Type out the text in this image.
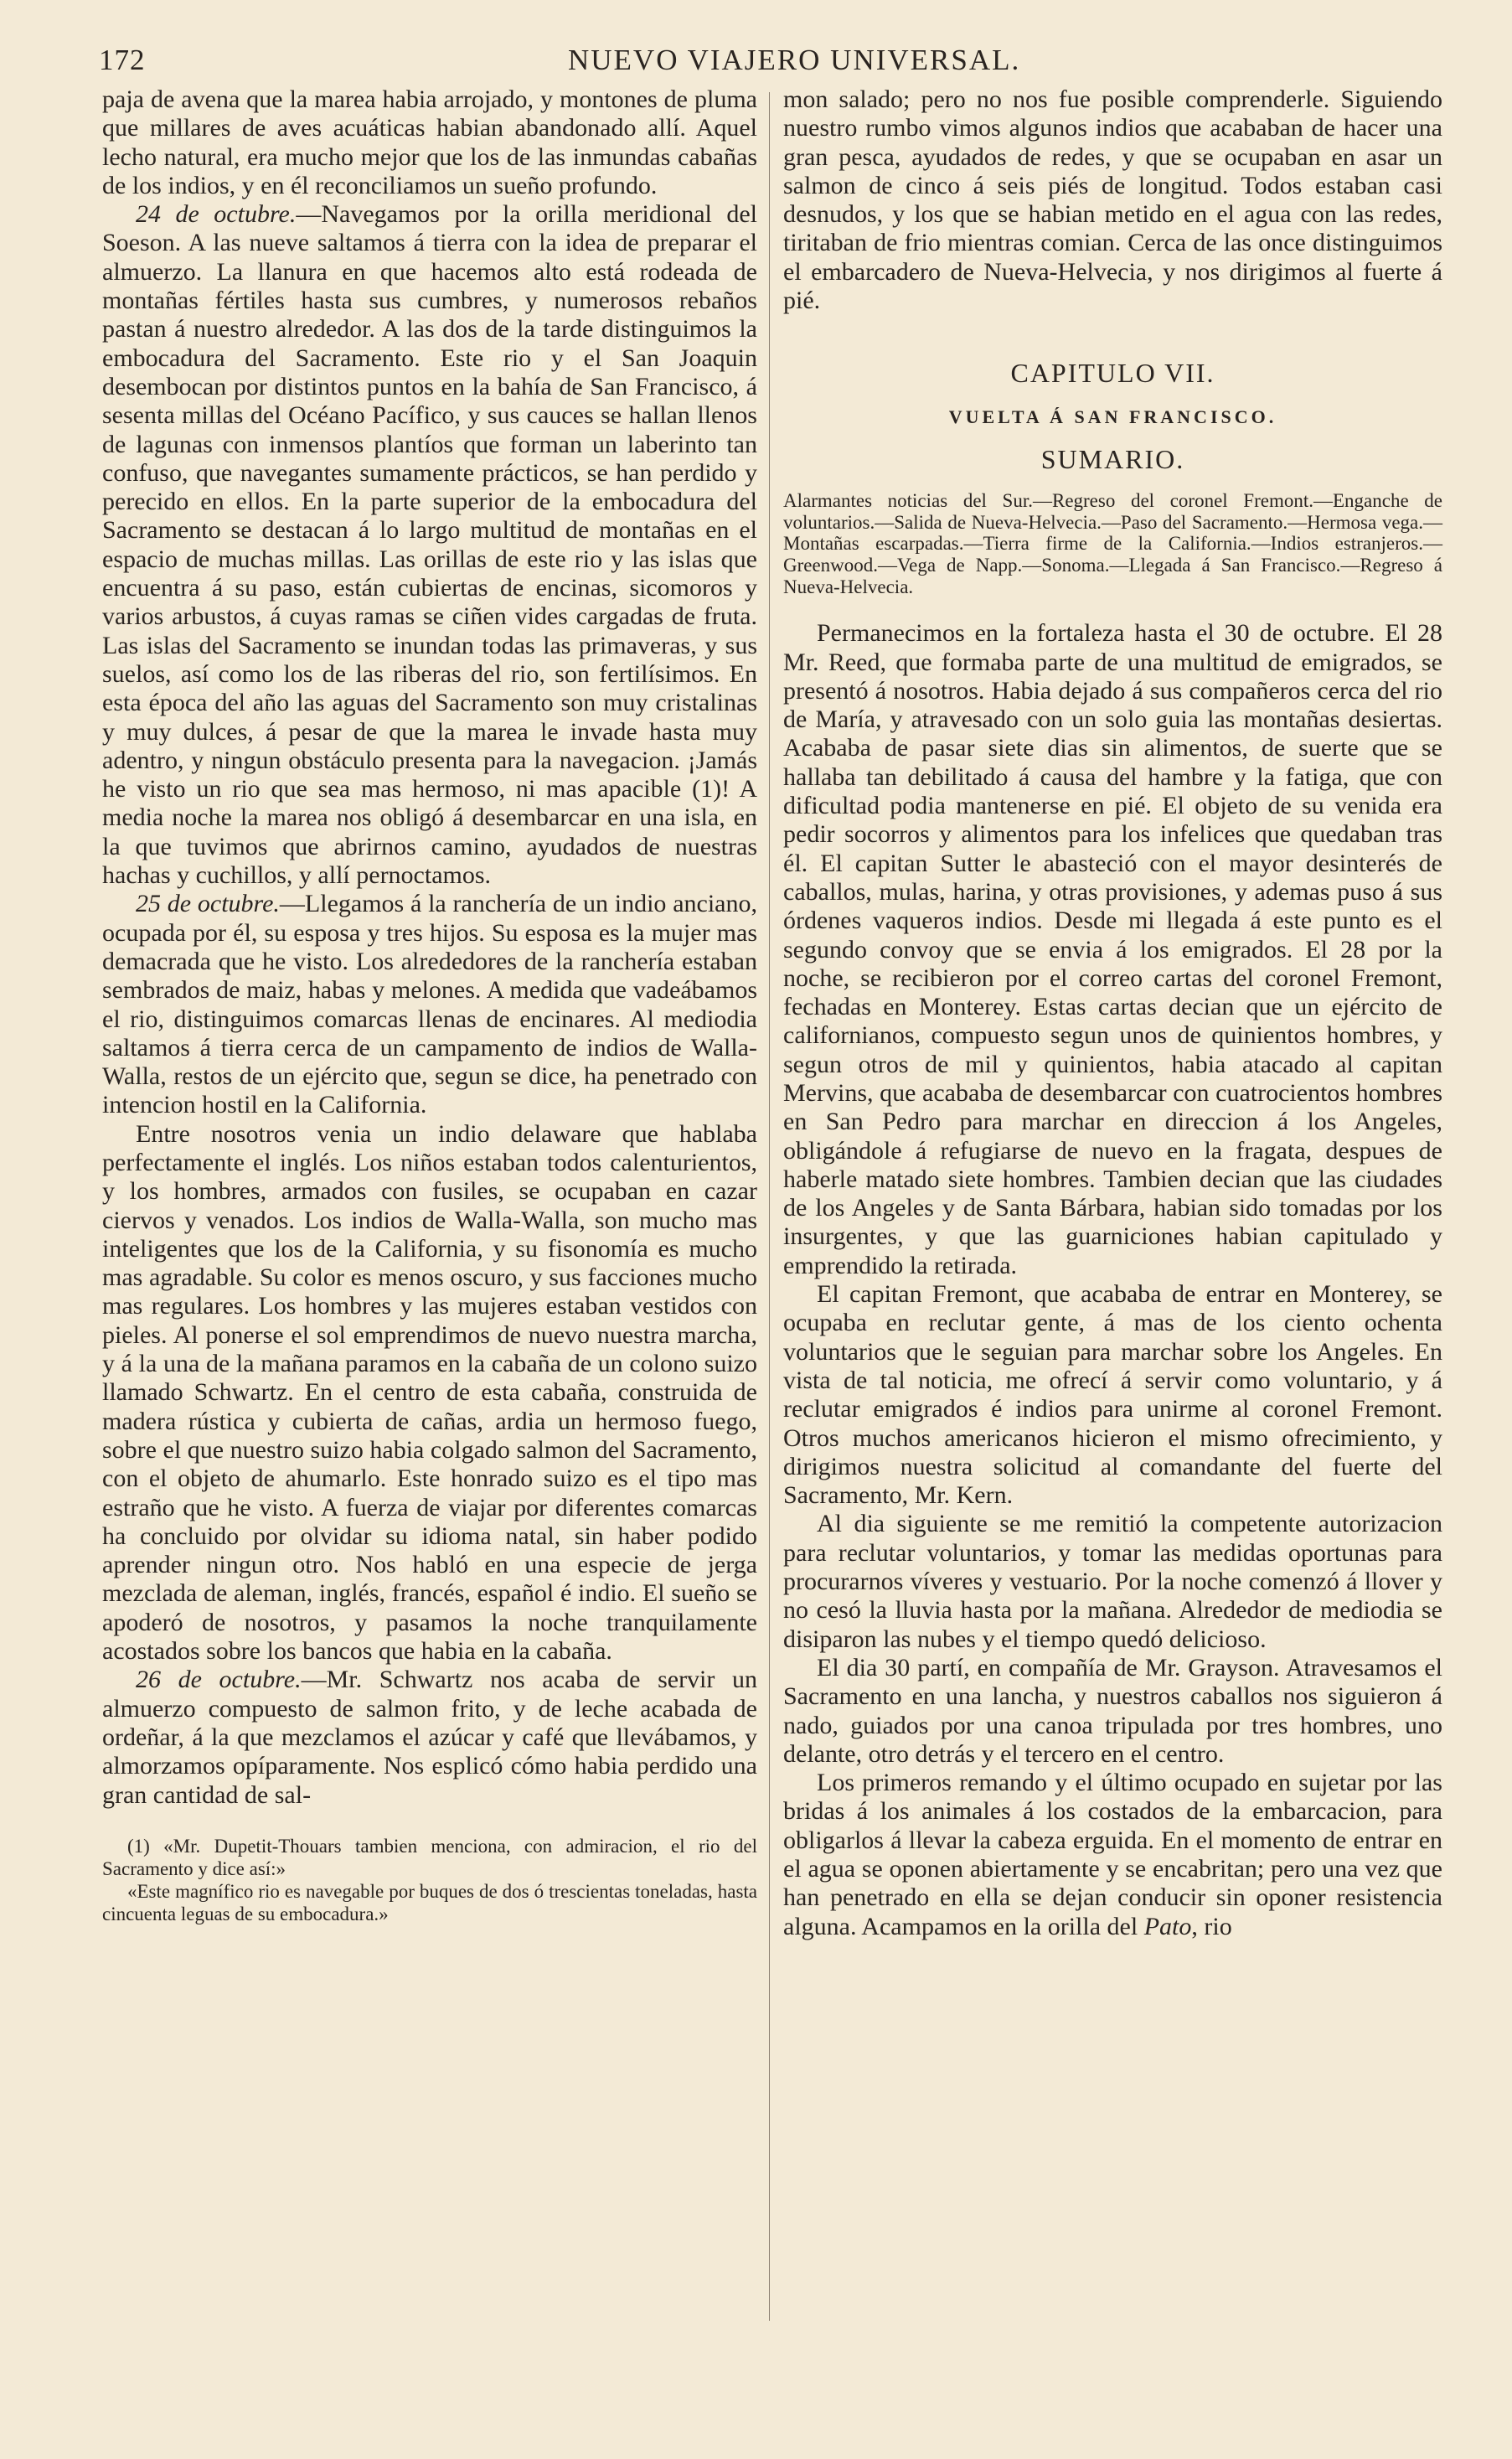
172	NUEVO VIAJERO UNIVERSAL.

paja de avena que la marea habia arrojado, y montones de pluma que millares de aves acuáticas habian abandonado allí. Aquel lecho natural, era mucho mejor que los de las inmundas cabañas de los indios, y en él reconciliamos un sueño profundo.

24 de octubre.—Navegamos por la orilla meridional del Soeson. A las nueve saltamos á tierra con la idea de preparar el almuerzo. La llanura en que hacemos alto está rodeada de montañas fértiles hasta sus cumbres, y numerosos rebaños pastan á nuestro alrededor. A las dos de la tarde distinguimos la embocadura del Sacramento. Este rio y el San Joaquin desembocan por distintos puntos en la bahía de San Francisco, á sesenta millas del Océano Pacífico, y sus cauces se hallan llenos de lagunas con inmensos plantíos que forman un laberinto tan confuso, que navegantes sumamente prácticos, se han perdido y perecido en ellos. En la parte superior de la embocadura del Sacramento se destacan á lo largo multitud de montañas en el espacio de muchas millas. Las orillas de este rio y las islas que encuentra á su paso, están cubiertas de encinas, sicomoros y varios arbustos, á cuyas ramas se ciñen vides cargadas de fruta. Las islas del Sacramento se inundan todas las primaveras, y sus suelos, así como los de las riberas del rio, son fertilísimos. En esta época del año las aguas del Sacramento son muy cristalinas y muy dulces, á pesar de que la marea le invade hasta muy adentro, y ningun obstáculo presenta para la navegacion. ¡Jamás he visto un rio que sea mas hermoso, ni mas apacible (1)! A media noche la marea nos obligó á desembarcar en una isla, en la que tuvimos que abrirnos camino, ayudados de nuestras hachas y cuchillos, y allí pernoctamos.

25 de octubre.—Llegamos á la ranchería de un indio anciano, ocupada por él, su esposa y tres hijos. Su esposa es la mujer mas demacrada que he visto. Los alrededores de la ranchería estaban sembrados de maiz, habas y melones. A medida que vadeábamos el rio, distinguimos comarcas llenas de encinares. Al mediodia saltamos á tierra cerca de un campamento de indios de Walla-Walla, restos de un ejército que, segun se dice, ha penetrado con intencion hostil en la California.

Entre nosotros venia un indio delaware que hablaba perfectamente el inglés. Los niños estaban todos calenturientos, y los hombres, armados con fusiles, se ocupaban en cazar ciervos y venados. Los indios de Walla-Walla, son mucho mas inteligentes que los de la California, y su fisonomía es mucho mas agradable. Su color es menos oscuro, y sus facciones mucho mas regulares. Los hombres y las mujeres estaban vestidos con pieles. Al ponerse el sol emprendimos de nuevo nuestra marcha, y á la una de la mañana paramos en la cabaña de un colono suizo llamado Schwartz. En el centro de esta cabaña, construida de madera rústica y cubierta de cañas, ardia un hermoso fuego, sobre el que nuestro suizo habia colgado salmon del Sacramento, con el objeto de ahumarlo. Este honrado suizo es el tipo mas estraño que he visto. A fuerza de viajar por diferentes comarcas ha concluido por olvidar su idioma natal, sin haber podido aprender ningun otro. Nos habló en una especie de jerga mezclada de aleman, inglés, francés, español é indio. El sueño se apoderó de nosotros, y pasamos la noche tranquilamente acostados sobre los bancos que habia en la cabaña.

26 de octubre.—Mr. Schwartz nos acaba de servir un almuerzo compuesto de salmon frito, y de leche acabada de ordeñar, á la que mezclamos el azúcar y café que llevábamos, y almorzamos opíparamente. Nos esplicó cómo habia perdido una gran cantidad de sal-

(1) «Mr. Dupetit-Thouars tambien menciona, con admiracion, el rio del Sacramento y dice así:»

«Este magnífico rio es navegable por buques de dos ó trescientas toneladas, hasta cincuenta leguas de su embocadura.»

mon salado; pero no nos fue posible comprenderle. Siguiendo nuestro rumbo vimos algunos indios que acababan de hacer una gran pesca, ayudados de redes, y que se ocupaban en asar un salmon de cinco á seis piés de longitud. Todos estaban casi desnudos, y los que se habian metido en el agua con las redes, tiritaban de frio mientras comian. Cerca de las once distinguimos el embarcadero de Nueva-Helvecia, y nos dirigimos al fuerte á pié.

CAPITULO VII.

VUELTA Á SAN FRANCISCO.

SUMARIO.

Alarmantes noticias del Sur.—Regreso del coronel Fremont.—Enganche de voluntarios.—Salida de Nueva-Helvecia.—Paso del Sacramento.—Hermosa vega.—Montañas escarpadas.—Tierra firme de la California.—Indios estranjeros.—Greenwood.—Vega de Napp.—Sonoma.—Llegada á San Francisco.—Regreso á Nueva-Helvecia.

Permanecimos en la fortaleza hasta el 30 de octubre. El 28 Mr. Reed, que formaba parte de una multitud de emigrados, se presentó á nosotros. Habia dejado á sus compañeros cerca del rio de María, y atravesado con un solo guia las montañas desiertas. Acababa de pasar siete dias sin alimentos, de suerte que se hallaba tan debilitado á causa del hambre y la fatiga, que con dificultad podia mantenerse en pié. El objeto de su venida era pedir socorros y alimentos para los infelices que quedaban tras él. El capitan Sutter le abasteció con el mayor desinterés de caballos, mulas, harina, y otras provisiones, y ademas puso á sus órdenes vaqueros indios. Desde mi llegada á este punto es el segundo convoy que se envia á los emigrados. El 28 por la noche, se recibieron por el correo cartas del coronel Fremont, fechadas en Monterey. Estas cartas decian que un ejército de californianos, compuesto segun unos de quinientos hombres, y segun otros de mil y quinientos, habia atacado al capitan Mervins, que acababa de desembarcar con cuatrocientos hombres en San Pedro para marchar en direccion á los Angeles, obligándole á refugiarse de nuevo en la fragata, despues de haberle matado siete hombres. Tambien decian que las ciudades de los Angeles y de Santa Bárbara, habian sido tomadas por los insurgentes, y que las guarniciones habian capitulado y emprendido la retirada.

El capitan Fremont, que acababa de entrar en Monterey, se ocupaba en reclutar gente, á mas de los ciento ochenta voluntarios que le seguian para marchar sobre los Angeles. En vista de tal noticia, me ofrecí á servir como voluntario, y á reclutar emigrados é indios para unirme al coronel Fremont. Otros muchos americanos hicieron el mismo ofrecimiento, y dirigimos nuestra solicitud al comandante del fuerte del Sacramento, Mr. Kern.

Al dia siguiente se me remitió la competente autorizacion para reclutar voluntarios, y tomar las medidas oportunas para procurarnos víveres y vestuario. Por la noche comenzó á llover y no cesó la lluvia hasta por la mañana. Alrededor de mediodia se disiparon las nubes y el tiempo quedó delicioso.

El dia 30 partí, en compañía de Mr. Grayson. Atravesamos el Sacramento en una lancha, y nuestros caballos nos siguieron á nado, guiados por una canoa tripulada por tres hombres, uno delante, otro detrás y el tercero en el centro.

Los primeros remando y el último ocupado en sujetar por las bridas á los animales á los costados de la embarcacion, para obligarlos á llevar la cabeza erguida. En el momento de entrar en el agua se oponen abiertamente y se encabritan; pero una vez que han penetrado en ella se dejan conducir sin oponer resistencia alguna. Acampamos en la orilla del Pato, rio
